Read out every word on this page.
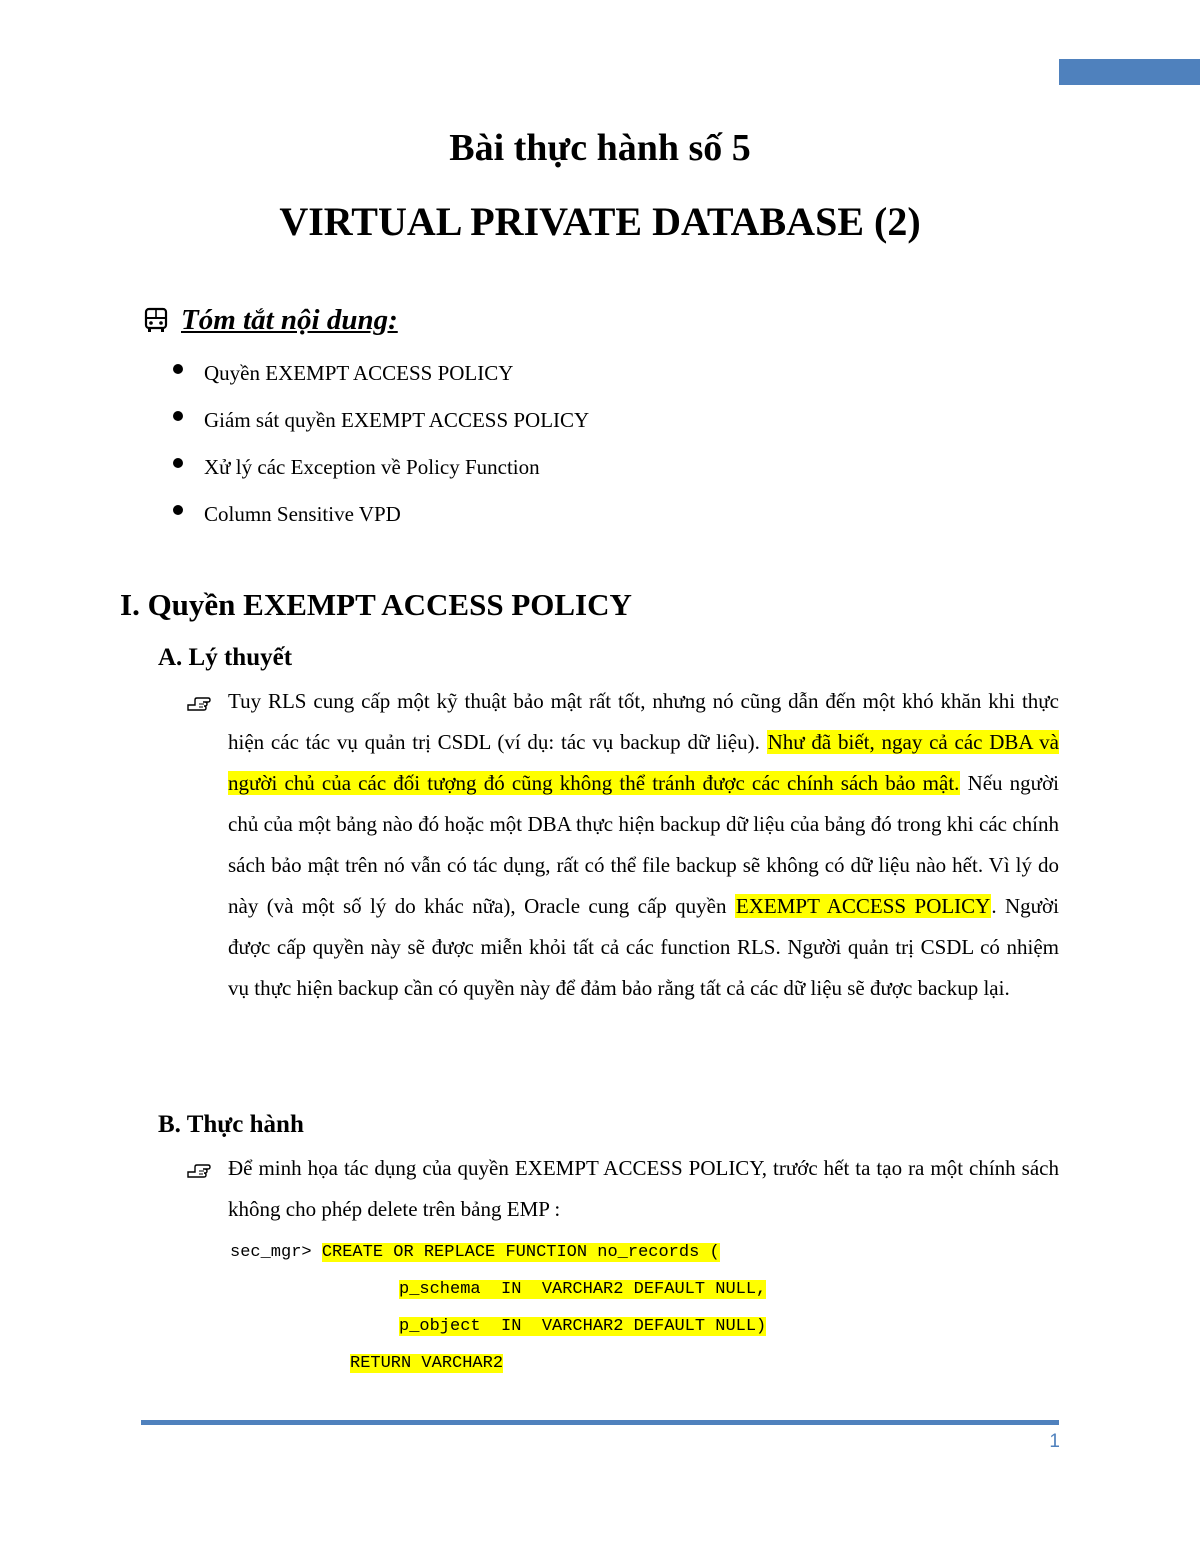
Bài thực hành số 5
VIRTUAL PRIVATE DATABASE (2)
Tóm tắt nội dung:
Quyền EXEMPT ACCESS POLICY
Giám sát quyền EXEMPT ACCESS POLICY
Xử lý các Exception về Policy Function
Column Sensitive VPD
I. Quyền EXEMPT ACCESS POLICY
A. Lý thuyết
Tuy RLS cung cấp một kỹ thuật bảo mật rất tốt, nhưng nó cũng dẫn đến một khó khăn khi thực hiện các tác vụ quản trị CSDL (ví dụ: tác vụ backup dữ liệu). Như đã biết, ngay cả các DBA và người chủ của các đối tượng đó cũng không thể tránh được các chính sách bảo mật. Nếu người chủ của một bảng nào đó hoặc một DBA thực hiện backup dữ liệu của bảng đó trong khi các chính sách bảo mật trên nó vẫn có tác dụng, rất có thể file backup sẽ không có dữ liệu nào hết. Vì lý do này (và một số lý do khác nữa), Oracle cung cấp quyền EXEMPT ACCESS POLICY. Người được cấp quyền này sẽ được miễn khỏi tất cả các function RLS. Người quản trị CSDL có nhiệm vụ thực hiện backup cần có quyền này để đảm bảo rằng tất cả các dữ liệu sẽ được backup lại.
B. Thực hành
Để minh họa tác dụng của quyền EXEMPT ACCESS POLICY, trước hết ta tạo ra một chính sách không cho phép delete trên bảng EMP :
sec_mgr> CREATE OR REPLACE FUNCTION no_records (
p_schema  IN  VARCHAR2 DEFAULT NULL,
p_object  IN  VARCHAR2 DEFAULT NULL)
RETURN VARCHAR2
1
